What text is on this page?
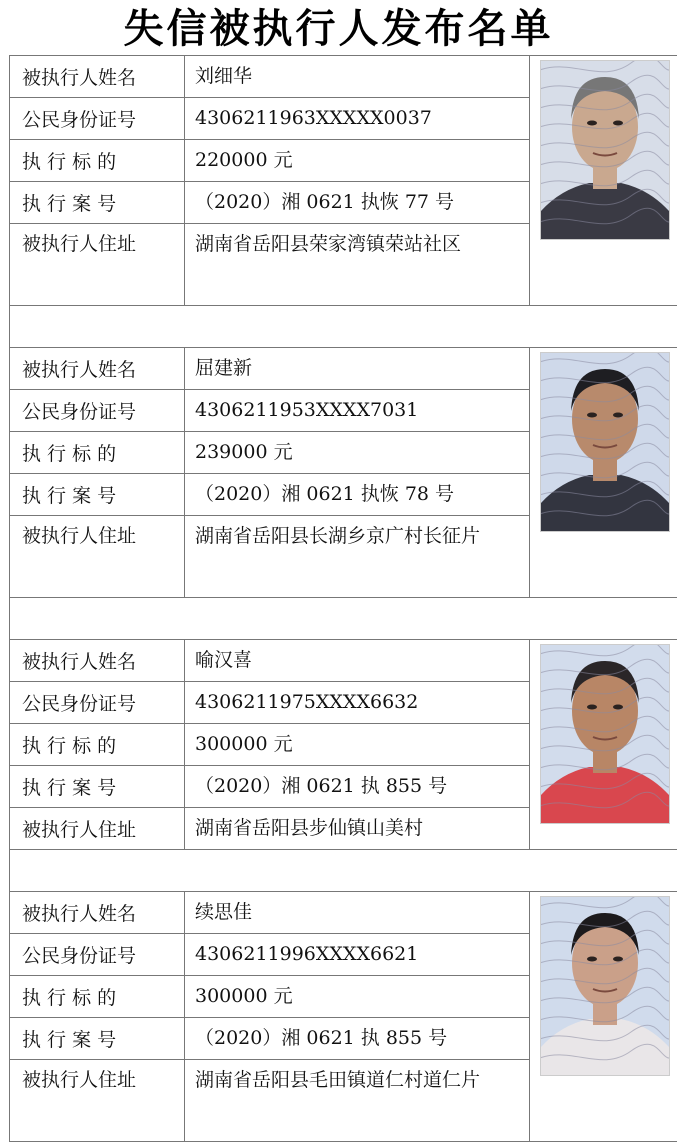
失信被执行人发布名单
被执行人姓名	刘细华	

公民身份证号	4306211963XXXXX0037	
执 行 标 的	220000 元	
执 行 案 号	（2020）湘 0621 执恢 77 号	
被执行人住址	湖南省岳阳县荣家湾镇荣站社区	

被执行人姓名	屈建新	

公民身份证号	4306211953XXXX7031	
执 行 标 的	239000 元	
执 行 案 号	（2020）湘 0621 执恢 78 号	
被执行人住址	湖南省岳阳县长湖乡京广村长征片	

被执行人姓名	喻汉喜	

公民身份证号	4306211975XXXX6632	
执 行 标 的	300000 元	
执 行 案 号	（2020）湘 0621 执 855 号	
被执行人住址	湖南省岳阳县步仙镇山美村	

被执行人姓名	续思佳	

公民身份证号	4306211996XXXX6621	
执 行 标 的	300000 元	
执 行 案 号	（2020）湘 0621 执 855 号	
被执行人住址	湖南省岳阳县毛田镇道仁村道仁片	
